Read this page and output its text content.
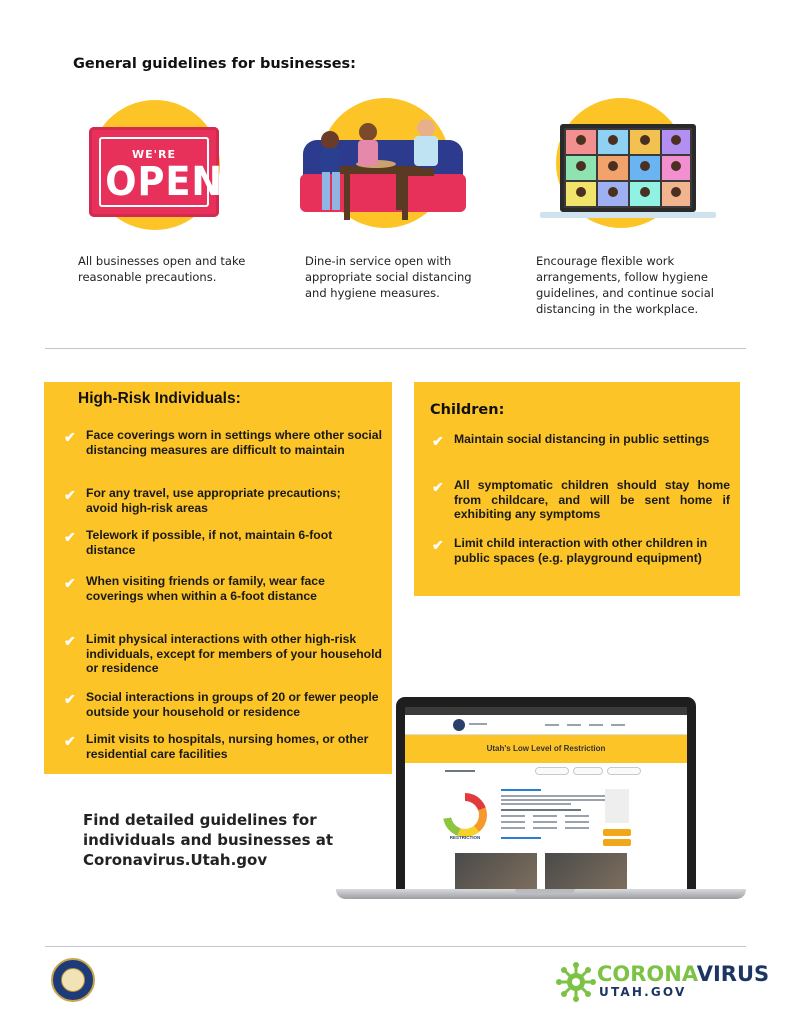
General guidelines for businesses:
WE'RE
OPEN
All businesses open and take reasonable precautions.
Dine-in service open with appropriate social distancing and hygiene measures.
Encourage flexible work arrangements, follow hygiene guidelines, and continue social distancing in the workplace.
High-Risk Individuals:
✔ Face coverings worn in settings where other social distancing measures are difficult to maintain
✔ For any travel, use appropriate precautions; avoid high-risk areas
✔ Telework if possible, if not, maintain 6-foot distance
✔ When visiting friends or family, wear face coverings when within a 6-foot distance
✔ Limit physical interactions with other high-risk individuals, except for members of your household or residence
✔ Social interactions in groups of 20 or fewer people outside your household or residence
✔ Limit visits to hospitals, nursing homes, or other residential care facilities
Children:
✔ Maintain social distancing in public settings
✔ All symptomatic children should stay home from childcare, and will be sent home if exhibiting any symptoms
✔ Limit child interaction with other children in public spaces (e.g. playground equipment)
Find detailed guidelines for individuals and businesses at Coronavirus.Utah.gov
Utah's Low Level of Restriction
RESTRICTION
CORONAVIRUS
UTAH.GOV
